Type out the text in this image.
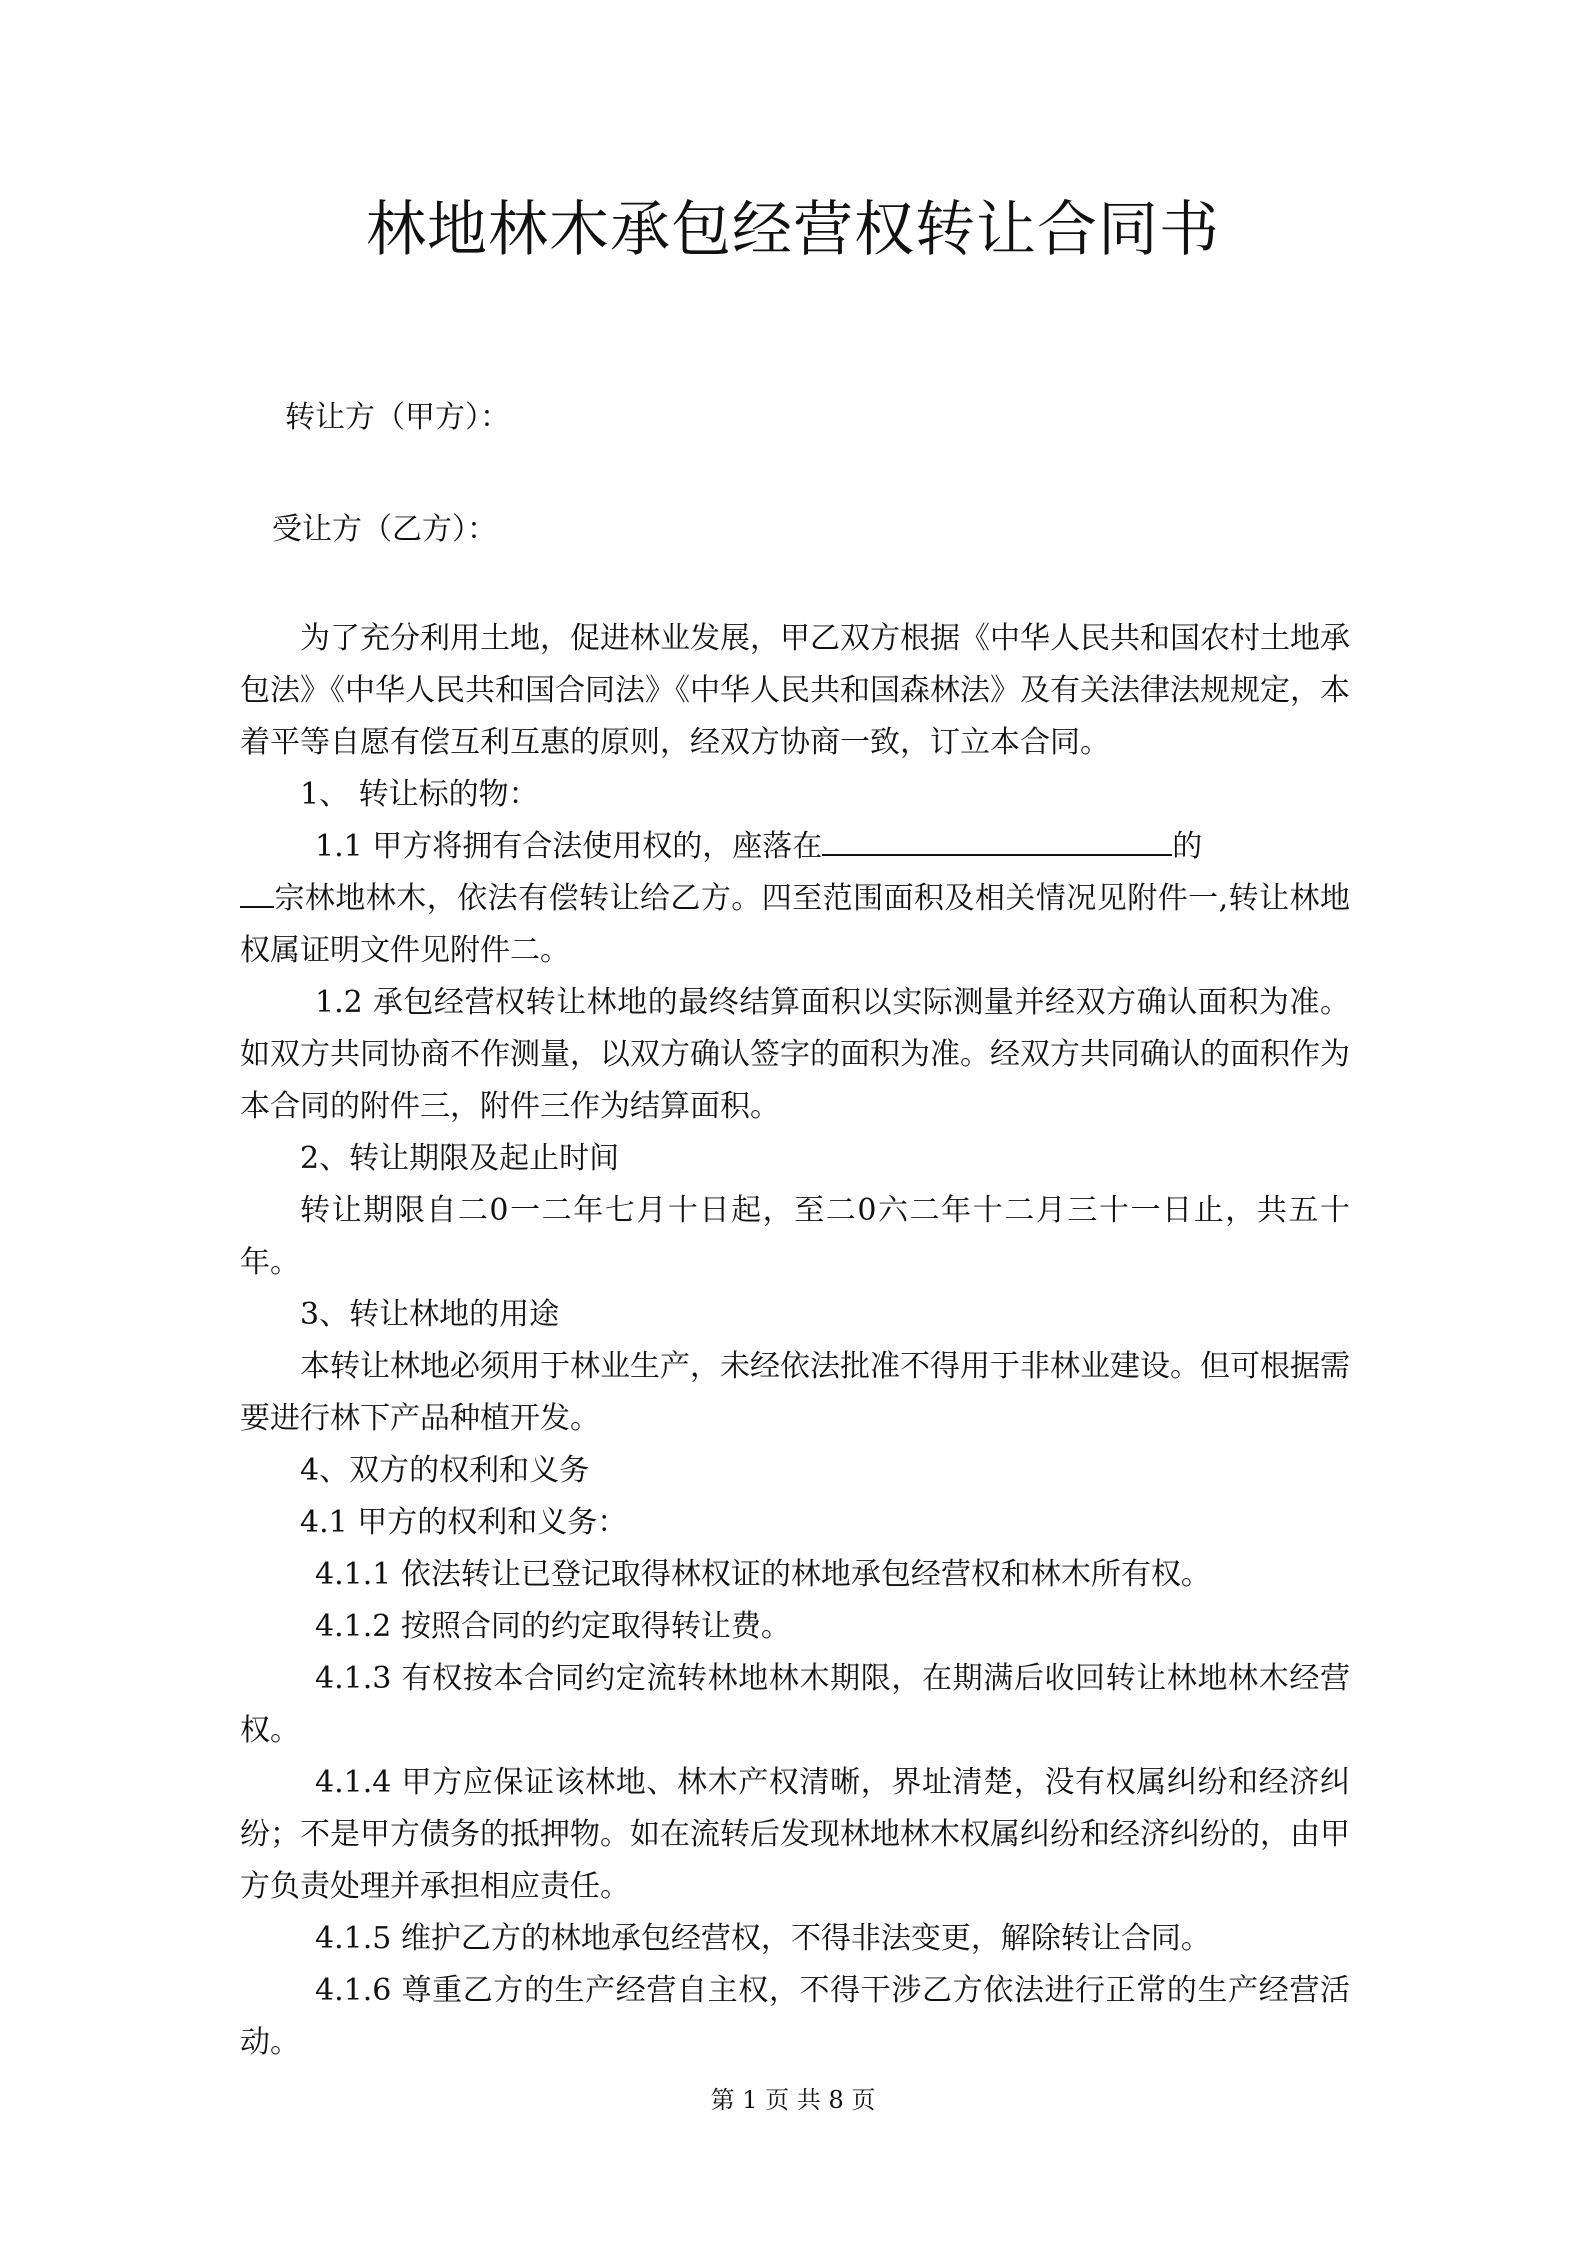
林地林木承包经营权转让合同书
转让方（甲方）：
受让方（乙方）：

为了充分利用土地，促进林业发展，甲乙双方根据《中华人民共和国农村土地承包法》《中华人民共和国合同法》《中华人民共和国森林法》及有关法律法规规定，本着平等自愿有偿互利互惠的原则，经双方协商一致，订立本合同。

1、 转让标的物：

1.1 甲方将拥有合法使用权的，座落在	的
宗林地林木，依法有偿转让给乙方。四至范围面积及相关情况见附件一,转让林地权属证明文件见附件二。

1.2 承包经营权转让林地的最终结算面积以实际测量并经双方确认面积为准。如双方共同协商不作测量，以双方确认签字的面积为准。经双方共同确认的面积作为本合同的附件三，附件三作为结算面积。

2、转让期限及起止时间

转让期限自二0一二年七月十日起，至二0六二年十二月三十一日止，共五十年。

3、转让林地的用途

本转让林地必须用于林业生产，未经依法批准不得用于非林业建设。但可根据需要进行林下产品种植开发。

4、双方的权利和义务

4.1 甲方的权利和义务：

4.1.1 依法转让已登记取得林权证的林地承包经营权和林木所有权。

4.1.2 按照合同的约定取得转让费。

4.1.3 有权按本合同约定流转林地林木期限，在期满后收回转让林地林木经营权。

4.1.4 甲方应保证该林地、林木产权清晰，界址清楚，没有权属纠纷和经济纠纷；不是甲方债务的抵押物。如在流转后发现林地林木权属纠纷和经济纠纷的，由甲方负责处理并承担相应责任。

4.1.5 维护乙方的林地承包经营权，不得非法变更，解除转让合同。

4.1.6 尊重乙方的生产经营自主权，不得干涉乙方依法进行正常的生产经营活动。

第 1 页 共 8 页
